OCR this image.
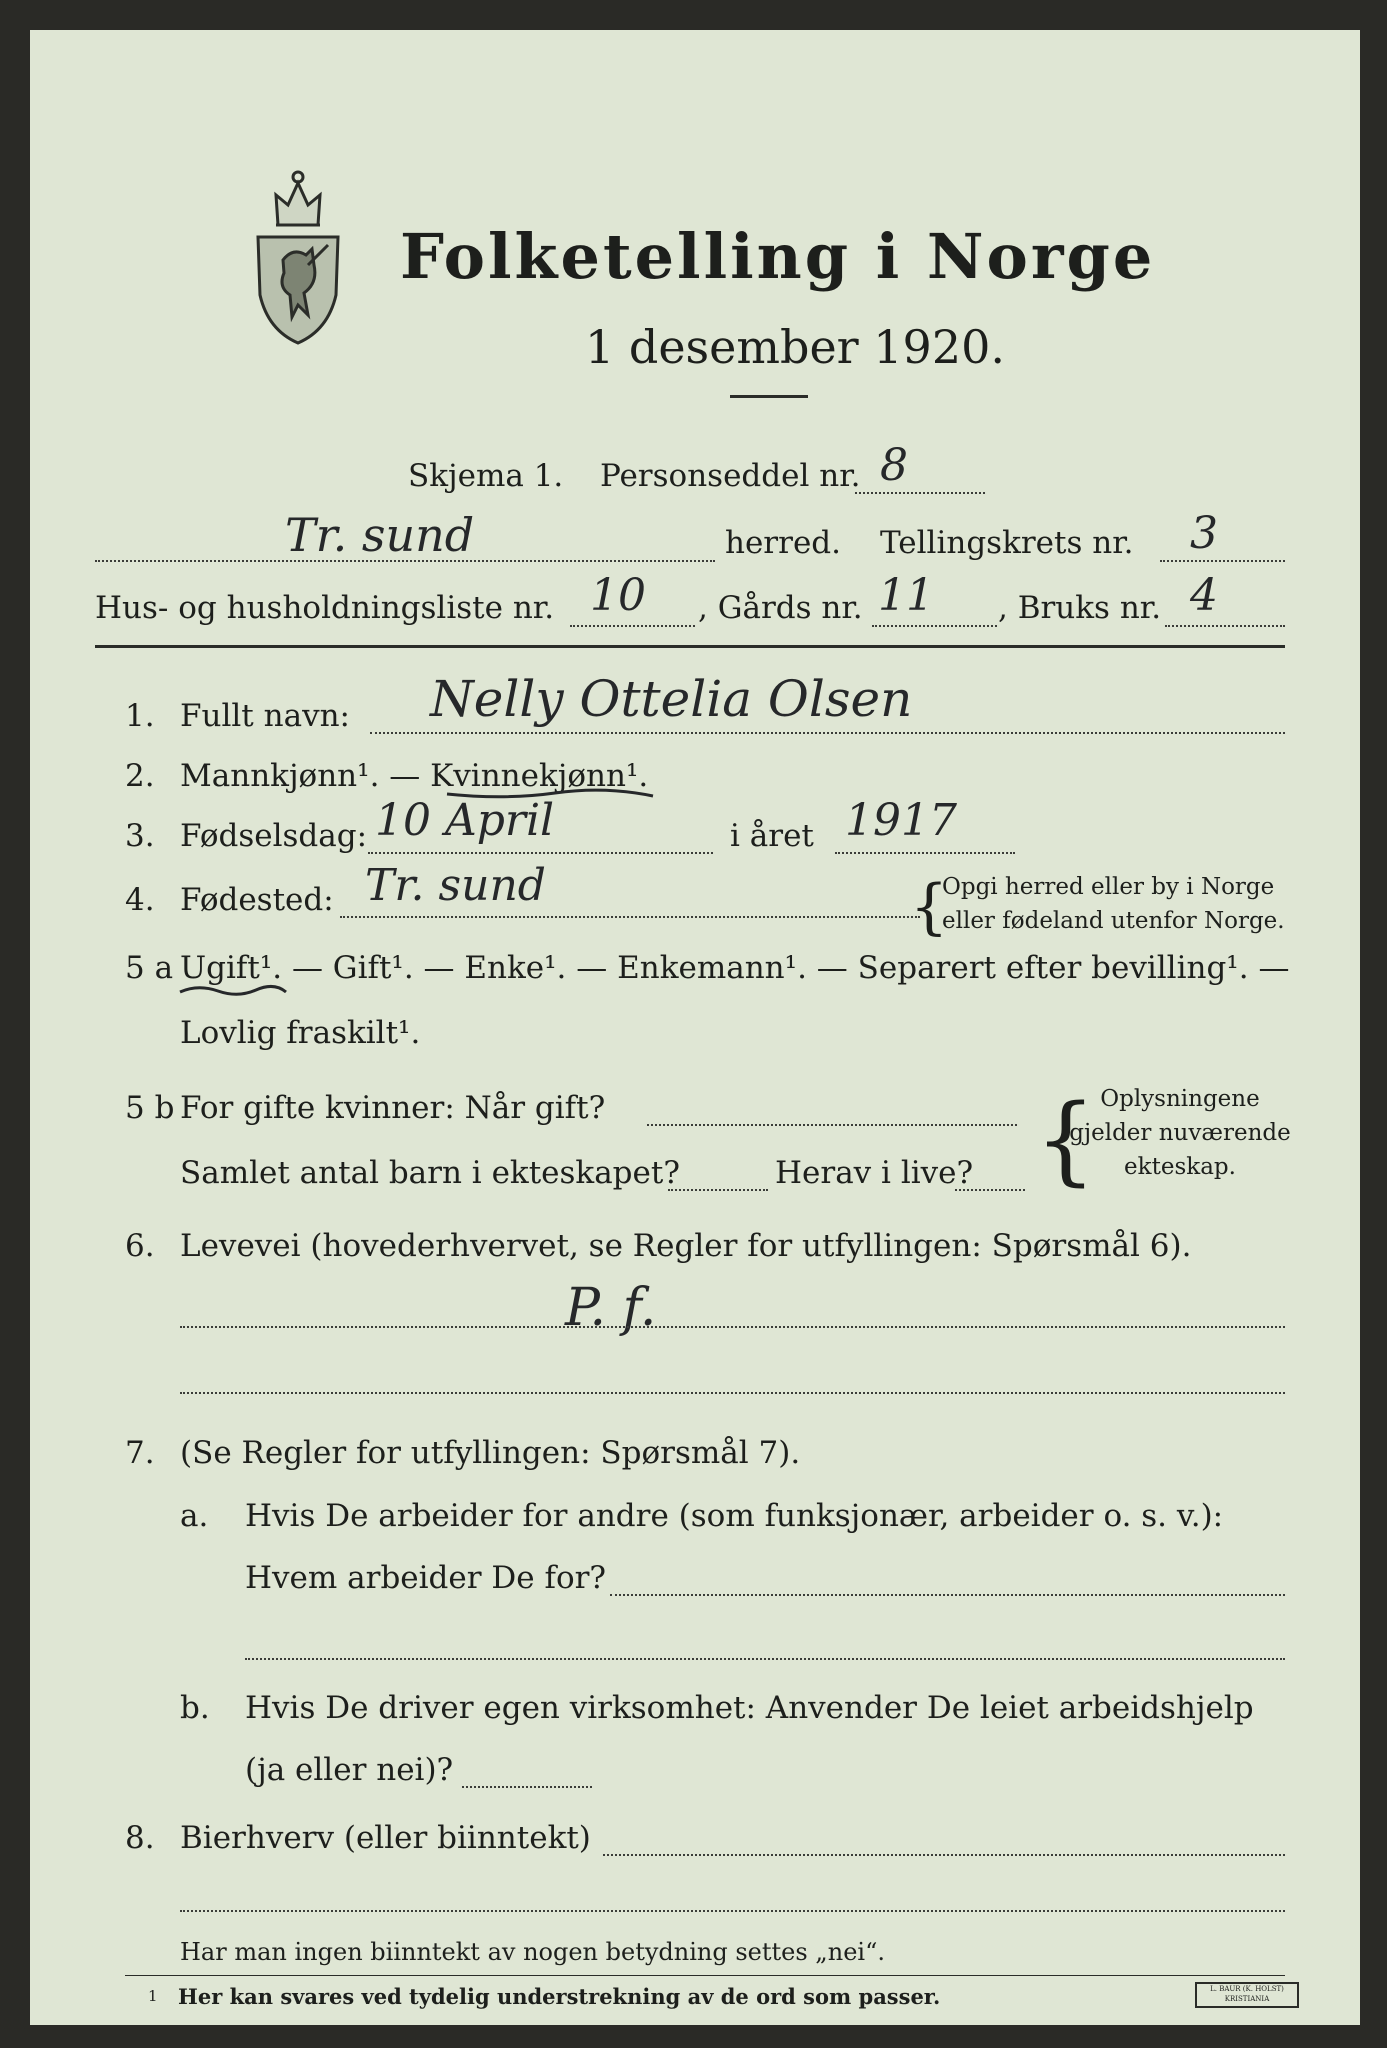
Folketelling i Norge
1 desember 1920.
Skjema 1. Personseddel nr. 8
Tr. sund	herred. Tellingskrets nr. 3
Hus- og husholdningsliste nr. 10 , Gårds nr. 11 , Bruks nr. 4
1. Fullt navn: Nelly Ottelia Olsen
2. Mannkjønn¹. — Kvinnekjønn¹.
3. Fødselsdag: 10 April	i året 1917
4. Fødested: Tr. sund	{
Opgi herred eller by i Norge
eller fødeland utenfor Norge.
5 a Ugift¹. — Gift¹. — Enke¹. — Enkemann¹. — Separert efter bevilling¹. —
Lovlig fraskilt¹.
5 b For gifte kvinner: Når gift?
Samlet antal barn i ekteskapet?	Herav i live? { Oplysningene
gjelder nuværende
ekteskap.
6. Levevei (hovederhvervet, se Regler for utfyllingen: Spørsmål 6).
P. f.
7. (Se Regler for utfyllingen: Spørsmål 7).
a. Hvis De arbeider for andre (som funksjonær, arbeider o. s. v.):
Hvem arbeider De for?
b. Hvis De driver egen virksomhet: Anvender De leiet arbeidshjelp
(ja eller nei)?
8. Bierhverv (eller biinntekt)
Har man ingen biinntekt av nogen betydning settes „nei“.
1 Her kan svares ved tydelig understrekning av de ord som passer.	L. BAUR (K. HOLST) KRISTIANIA
